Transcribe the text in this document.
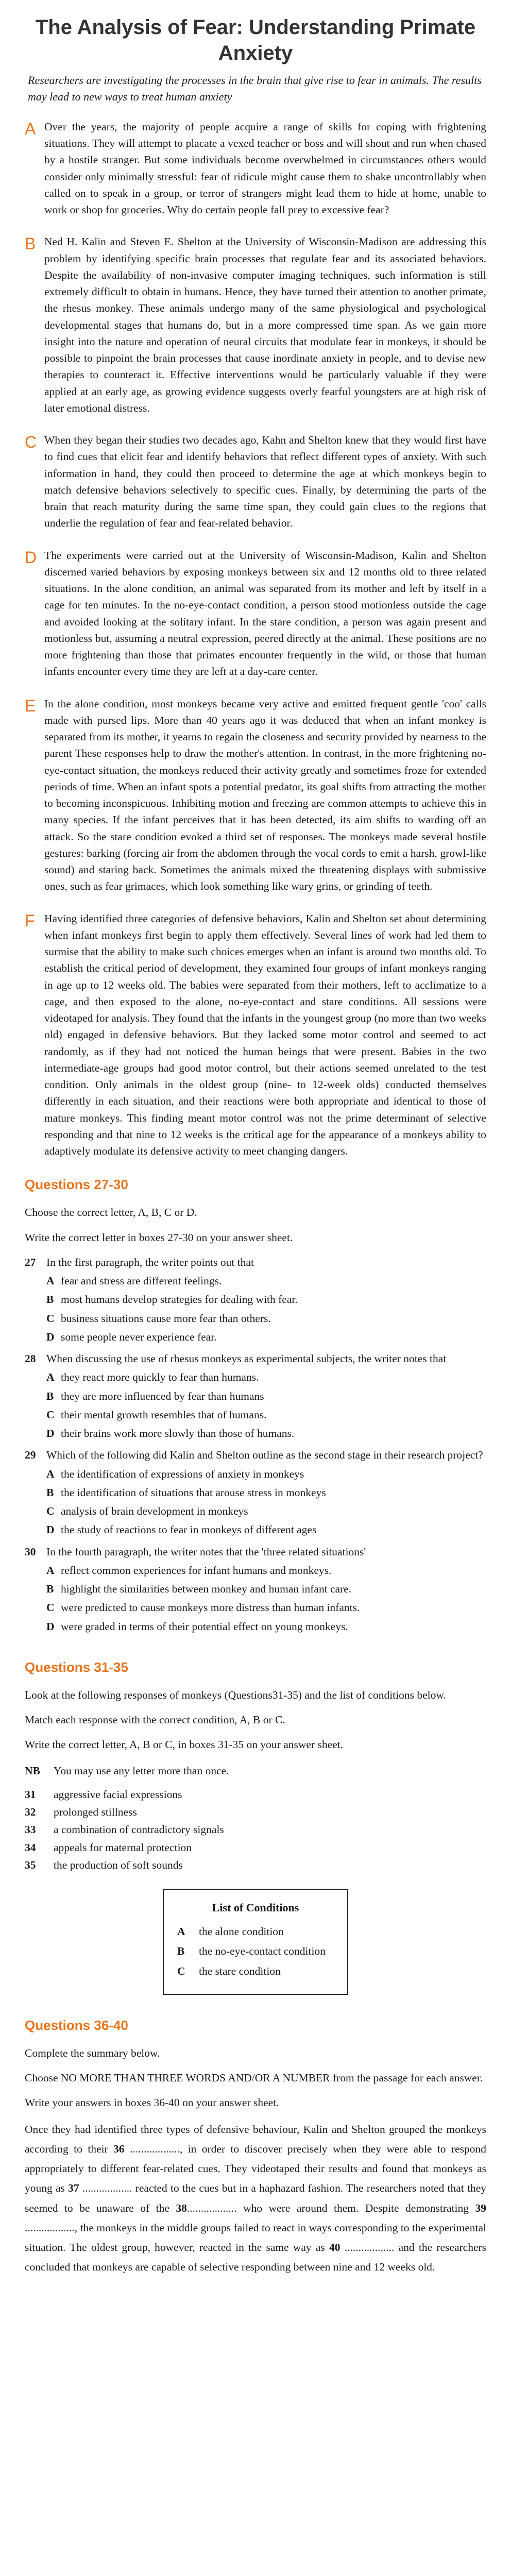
The Analysis of Fear: Understanding Primate Anxiety

Researchers are investigating the processes in the brain that give rise to fear in animals. The results may lead to new ways to treat human anxiety

A Over the years, the majority of people acquire a range of skills for coping with frightening situations. They will attempt to placate a vexed teacher or boss and will shout and run when chased by a hostile stranger. But some individuals become overwhelmed in circumstances others would consider only minimally stressful: fear of ridicule might cause them to shake uncontrollably when called on to speak in a group, or terror of strangers might lead them to hide at home, unable to work or shop for groceries. Why do certain people fall prey to excessive fear?

B Ned H. Kalin and Steven E. Shelton at the University of Wisconsin-Madison are addressing this problem by identifying specific brain processes that regulate fear and its associated behaviors. Despite the availability of non-invasive computer imaging techniques, such information is still extremely difficult to obtain in humans. Hence, they have turned their attention to another primate, the rhesus monkey. These animals undergo many of the same physiological and psychological developmental stages that humans do, but in a more compressed time span. As we gain more insight into the nature and operation of neural circuits that modulate fear in monkeys, it should be possible to pinpoint the brain processes that cause inordinate anxiety in people, and to devise new therapies to counteract it. Effective interventions would be particularly valuable if they were applied at an early age, as growing evidence suggests overly fearful youngsters are at high risk of later emotional distress.

C When they began their studies two decades ago, Kahn and Shelton knew that they would first have to find cues that elicit fear and identify behaviors that reflect different types of anxiety. With such information in hand, they could then proceed to determine the age at which monkeys begin to match defensive behaviors selectively to specific cues. Finally, by determining the parts of the brain that reach maturity during the same time span, they could gain clues to the regions that underlie the regulation of fear and fear-related behavior.

D The experiments were carried out at the University of Wisconsin-Madison, Kalin and Shelton discerned varied behaviors by exposing monkeys between six and 12 months old to three related situations. In the alone condition, an animal was separated from its mother and left by itself in a cage for ten minutes. In the no-eye-contact condition, a person stood motionless outside the cage and avoided looking at the solitary infant. In the stare condition, a person was again present and motionless but, assuming a neutral expression, peered directly at the animal. These positions are no more frightening than those that primates encounter frequently in the wild, or those that human infants encounter every time they are left at a day-care center.

E In the alone condition, most monkeys became very active and emitted frequent gentle 'coo' calls made with pursed lips. More than 40 years ago it was deduced that when an infant monkey is separated from its mother, it yearns to regain the closeness and security provided by nearness to the parent These responses help to draw the mother's attention. In contrast, in the more frightening no-eye-contact situation, the monkeys reduced their activity greatly and sometimes froze for extended periods of time. When an infant spots a potential predator, its goal shifts from attracting the mother to becoming inconspicuous. Inhibiting motion and freezing are common attempts to achieve this in many species. If the infant perceives that it has been detected, its aim shifts to warding off an attack. So the stare condition evoked a third set of responses. The monkeys made several hostile gestures: barking (forcing air from the abdomen through the vocal cords to emit a harsh, growl-like sound) and staring back. Sometimes the animals mixed the threatening displays with submissive ones, such as fear grimaces, which look something like wary grins, or grinding of teeth.

F Having identified three categories of defensive behaviors, Kalin and Shelton set about determining when infant monkeys first begin to apply them effectively. Several lines of work had led them to surmise that the ability to make such choices emerges when an infant is around two months old. To establish the critical period of development, they examined four groups of infant monkeys ranging in age up to 12 weeks old. The babies were separated from their mothers, left to acclimatize to a cage, and then exposed to the alone, no-eye-contact and stare conditions. All sessions were videotaped for analysis. They found that the infants in the youngest group (no more than two weeks old) engaged in defensive behaviors. But they lacked some motor control and seemed to act randomly, as if they had not noticed the human beings that were present. Babies in the two intermediate-age groups had good motor control, but their actions seemed unrelated to the test condition. Only animals in the oldest group (nine- to 12-week olds) conducted themselves differently in each situation, and their reactions were both appropriate and identical to those of mature monkeys. This finding meant motor control was not the prime determinant of selective responding and that nine to 12 weeks is the critical age for the appearance of a monkeys ability to adaptively modulate its defensive activity to meet changing dangers.

Questions 27-30

Choose the correct letter, A, B, C or D.

Write the correct letter in boxes 27-30 on your answer sheet.

27 In the first paragraph, the writer points out that
A fear and stress are different feelings.
B most humans develop strategies for dealing with fear.
C business situations cause more fear than others.
D some people never experience fear.
28 When discussing the use of rhesus monkeys as experimental subjects, the writer notes that
A they react more quickly to fear than humans.
B they are more influenced by fear than humans
C their mental growth resembles that of humans.
D their brains work more slowly than those of humans.
29 Which of the following did Kalin and Shelton outline as the second stage in their research project?
A the identification of expressions of anxiety in monkeys
B the identification of situations that arouse stress in monkeys
C analysis of brain development in monkeys
D the study of reactions to fear in monkeys of different ages
30 In the fourth paragraph, the writer notes that the 'three related situations'
A reflect common experiences for infant humans and monkeys.
B highlight the similarities between monkey and human infant care.
C were predicted to cause monkeys more distress than human infants.
D were graded in terms of their potential effect on young monkeys.
Questions 31-35

Look at the following responses of monkeys (Questions31-35) and the list of conditions below.

Match each response with the correct condition, A, B or C.

Write the correct letter, A, B or C, in boxes 31-35 on your answer sheet.

NB	You may use any letter more than once.
31	aggressive facial expressions
32	prolonged stillness
33	a combination of contradictory signals
34	appeals for maternal protection
35	the production of soft sounds
List of Conditions
A	the alone condition
B	the no-eye-contact condition
C	the stare condition
Questions 36-40

Complete the summary below.

Choose NO MORE THAN THREE WORDS AND/OR A NUMBER from the passage for each answer.

Write your answers in boxes 36-40 on your answer sheet.

Once they had identified three types of defensive behaviour, Kalin and Shelton grouped the monkeys according to their 36 .................., in order to discover precisely when they were able to respond appropriately to different fear-related cues. They videotaped their results and found that monkeys as young as 37 .................. reacted to the cues but in a haphazard fashion. The researchers noted that they seemed to be unaware of the 38.................. who were around them. Despite demonstrating 39 .................., the monkeys in the middle groups failed to react in ways corresponding to the experimental situation. The oldest group, however, reacted in the same way as 40 .................. and the researchers concluded that monkeys are capable of selective responding between nine and 12 weeks old.
